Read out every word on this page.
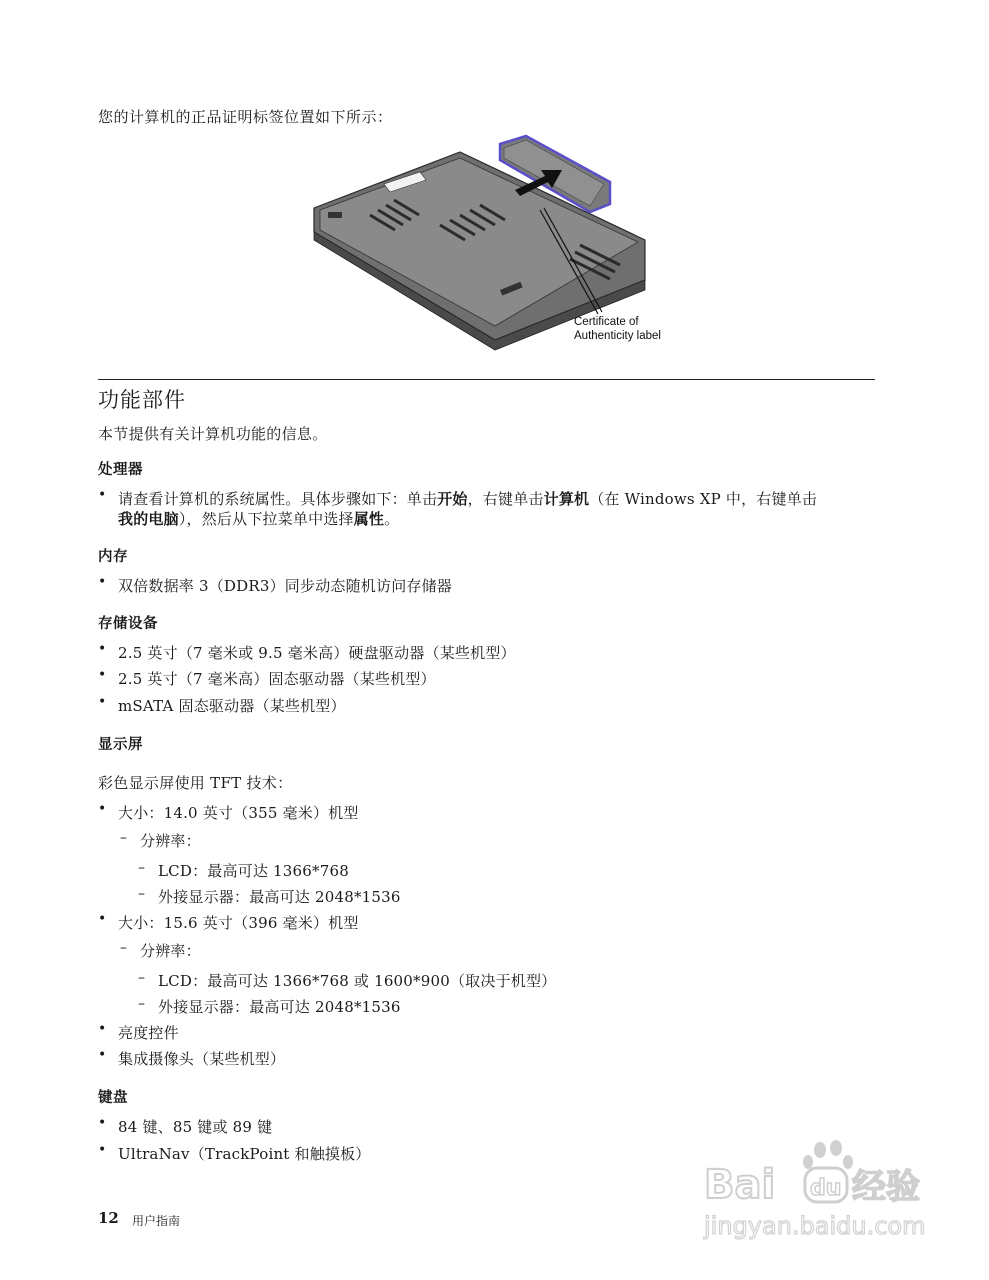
您的计算机的正品证明标签位置如下所示：
Certificate of
Authenticity label
功能部件
本节提供有关计算机功能的信息。
处理器
• 请查看计算机的系统属性。具体步骤如下：单击开始，右键单击计算机（在 Windows XP 中，右键单击
我的电脑），然后从下拉菜单中选择属性。
内存
• 双倍数据率 3（DDR3）同步动态随机访问存储器
存储设备
• 2.5 英寸（7 毫米或 9.5 毫米高）硬盘驱动器（某些机型）
• 2.5 英寸（7 毫米高）固态驱动器（某些机型）
• mSATA 固态驱动器（某些机型）
显示屏
彩色显示屏使用 TFT 技术：
• 大小：14.0 英寸（355 毫米）机型
– 分辨率：
– LCD：最高可达 1366*768
– 外接显示器：最高可达 2048*1536
• 大小：15.6 英寸（396 毫米）机型
– 分辨率：
– LCD：最高可达 1366*768 或 1600*900（取决于机型）
– 外接显示器：最高可达 2048*1536
• 亮度控件
• 集成摄像头（某些机型）
键盘
• 84 键、85 键或 89 键
• UltraNav（TrackPoint 和触摸板）
12 用户指南
Bai du 经验
jingyan.baidu.com
